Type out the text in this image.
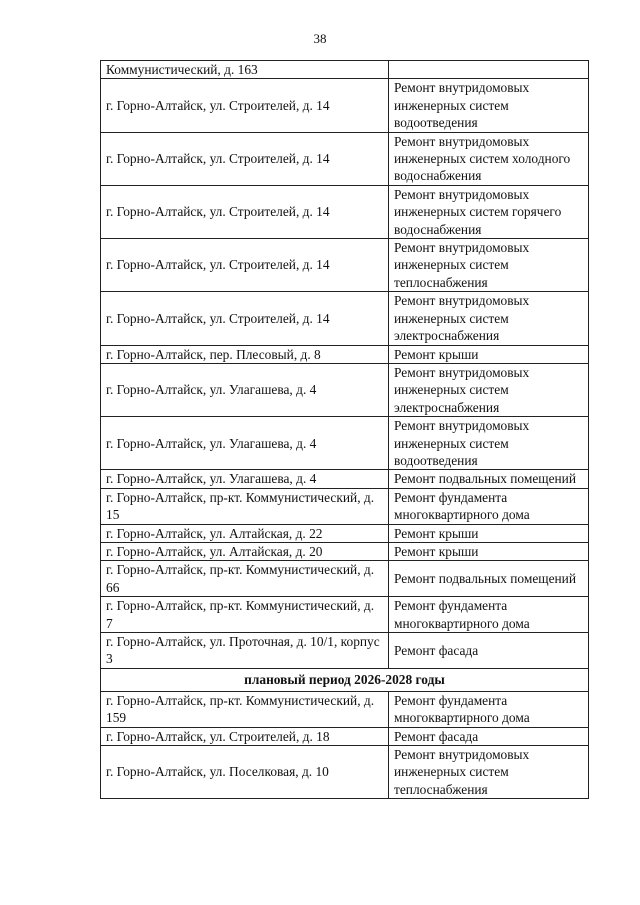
38
Коммунистический, д. 163	
г. Горно-Алтайск, ул. Строителей, д. 14	Ремонт внутридомовых инженерных систем водоотведения
г. Горно-Алтайск, ул. Строителей, д. 14	Ремонт внутридомовых инженерных систем холодного водоснабжения
г. Горно-Алтайск, ул. Строителей, д. 14	Ремонт внутридомовых инженерных систем горячего водоснабжения
г. Горно-Алтайск, ул. Строителей, д. 14	Ремонт внутридомовых инженерных систем теплоснабжения
г. Горно-Алтайск, ул. Строителей, д. 14	Ремонт внутридомовых инженерных систем электроснабжения
г. Горно-Алтайск, пер. Плесовый, д. 8	Ремонт крыши
г. Горно-Алтайск, ул. Улагашева, д. 4	Ремонт внутридомовых инженерных систем электроснабжения
г. Горно-Алтайск, ул. Улагашева, д. 4	Ремонт внутридомовых инженерных систем водоотведения
г. Горно-Алтайск, ул. Улагашева, д. 4	Ремонт подвальных помещений
г. Горно-Алтайск, пр-кт. Коммунистический, д. 15	Ремонт фундамента многоквартирного дома
г. Горно-Алтайск, ул. Алтайская, д. 22	Ремонт крыши
г. Горно-Алтайск, ул. Алтайская, д. 20	Ремонт крыши
г. Горно-Алтайск, пр-кт. Коммунистический, д. 66	Ремонт подвальных помещений
г. Горно-Алтайск, пр-кт. Коммунистический, д. 7	Ремонт фундамента многоквартирного дома
г. Горно-Алтайск, ул. Проточная, д. 10/1, корпус 3	Ремонт фасада
плановый период 2026-2028 годы	
г. Горно-Алтайск, пр-кт. Коммунистический, д. 159	Ремонт фундамента многоквартирного дома
г. Горно-Алтайск, ул. Строителей, д. 18	Ремонт фасада
г. Горно-Алтайск, ул. Поселковая, д. 10	Ремонт внутридомовых инженерных систем теплоснабжения
